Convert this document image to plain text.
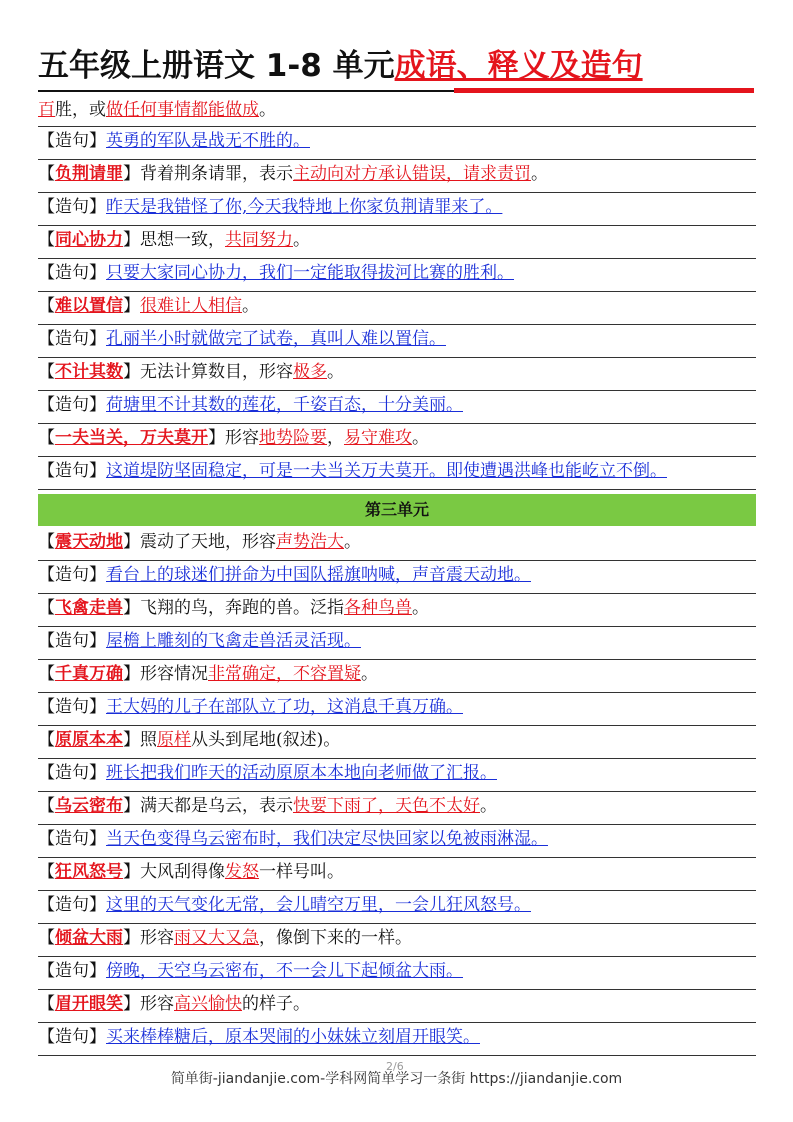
五年级上册语文 1-8 单元成语、释义及造句
百胜，或做任何事情都能做成。
【造句】英勇的军队是战无不胜的。
【负荆请罪】背着荆条请罪，表示主动向对方承认错误，请求责罚。
【造句】昨天是我错怪了你,今天我特地上你家负荆请罪来了。
【同心协力】思想一致，共同努力。
【造句】只要大家同心协力，我们一定能取得拔河比赛的胜利。
【难以置信】很难让人相信。
【造句】孔丽半小时就做完了试卷，真叫人难以置信。
【不计其数】无法计算数目，形容极多。
【造句】荷塘里不计其数的莲花，千姿百态，十分美丽。
【一夫当关，万夫莫开】形容地势险要，易守难攻。
【造句】这道堤防坚固稳定，可是一夫当关万夫莫开。即使遭遇洪峰也能屹立不倒。
第三单元
【震天动地】震动了天地，形容声势浩大。
【造句】看台上的球迷们拼命为中国队摇旗呐喊，声音震天动地。
【飞禽走兽】飞翔的鸟，奔跑的兽。泛指各种鸟兽。
【造句】屋檐上雕刻的飞禽走兽活灵活现。
【千真万确】形容情况非常确定，不容置疑。
【造句】王大妈的儿子在部队立了功，这消息千真万确。
【原原本本】照原样从头到尾地(叙述)。
【造句】班长把我们昨天的活动原原本本地向老师做了汇报。
【乌云密布】满天都是乌云，表示快要下雨了，天色不太好。
【造句】当天色变得乌云密布时，我们决定尽快回家以免被雨淋湿。
【狂风怒号】大风刮得像发怒一样号叫。
【造句】这里的天气变化无常，会儿晴空万里，一会儿狂风怒号。
【倾盆大雨】形容雨又大又急，像倒下来的一样。
【造句】傍晚，天空乌云密布，不一会儿下起倾盆大雨。
【眉开眼笑】形容高兴愉快的样子。
【造句】买来棒棒糖后，原本哭闹的小妹妹立刻眉开眼笑。
2/6
简单街-jiandanjie.com-学科网简单学习一条街 https://jiandanjie.com
